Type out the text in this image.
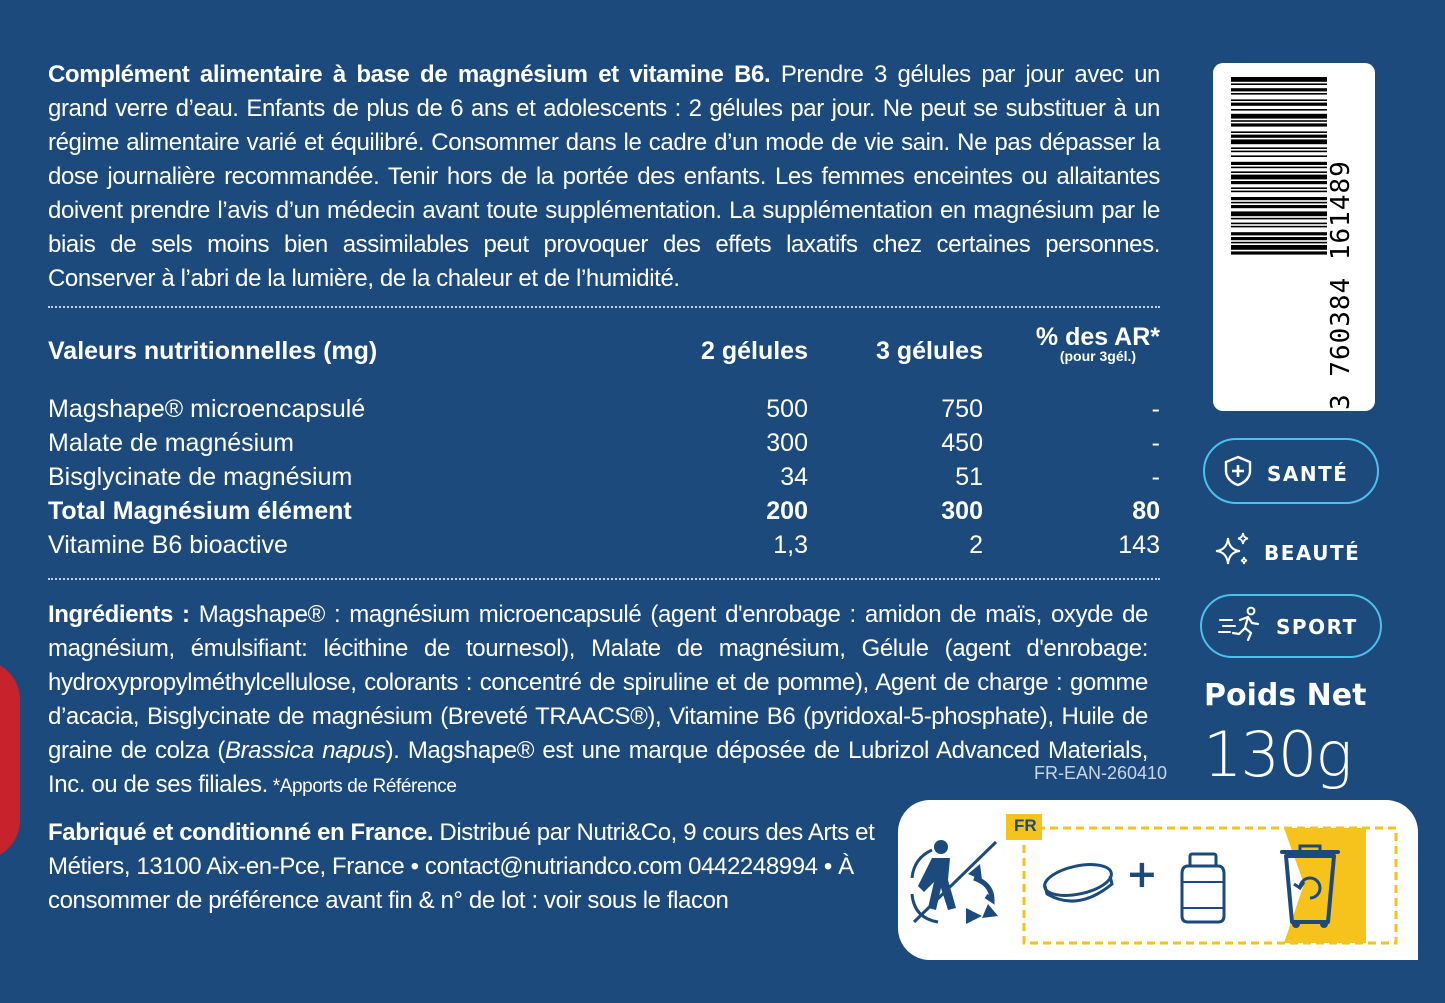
Complément alimentaire à base de magnésium et vitamine B6. Prendre 3 gélules par jour avec un grand verre d’eau. Enfants de plus de 6 ans et adolescents : 2 gélules par jour. Ne peut se substituer à un régime alimentaire varié et équilibré. Consommer dans le cadre d’un mode de vie sain. Ne pas dépasser la dose journalière recommandée. Tenir hors de la portée des enfants. Les femmes enceintes ou allaitantes doivent prendre l’avis d’un médecin avant toute supplémentation. La supplémentation en magnésium par le biais de sels moins bien assimilables peut provoquer des effets laxatifs chez certaines personnes. Conserver à l’abri de la lumière, de la chaleur et de l’humidité.

Valeurs nutritionnelles (mg)	2 gélules	3 gélules	% des AR*
(pour 3gél.)

Magshape® microencapsulé	500	750	-
Malate de magnésium	300	450	-
Bisglycinate de magnésium	34	51	-
Total Magnésium élément	200	300	80
Vitamine B6 bioactive	1,3	2	143

Ingrédients : Magshape® : magnésium microencapsulé (agent d'enrobage : amidon de maïs, oxyde de magnésium, émulsifiant: lécithine de tournesol), Malate de magnésium, Gélule (agent d'enrobage: hydroxypropylméthylcellulose, colorants : concentré de spiruline et de pomme), Agent de charge : gomme d’acacia, Bisglycinate de magnésium (Breveté TRAACS®), Vitamine B6 (pyridoxal-5-phosphate), Huile de graine de colza (Brassica napus). Magshape® est une marque déposée de Lubrizol Advanced Materials, Inc. ou de ses filiales. *Apports de Référence

FR-EAN-260410

Fabriqué et conditionné en France. Distribué par Nutri&Co, 9 cours des Arts et Métiers, 13100 Aix-en-Pce, France • contact@nutriandco.com 0442248994 • À consommer de préférence avant fin & n° de lot : voir sous le flacon

3 760384 161489
SANTÉ
BEAUTÉ
SPORT
Poids Net
130g
FR
+
